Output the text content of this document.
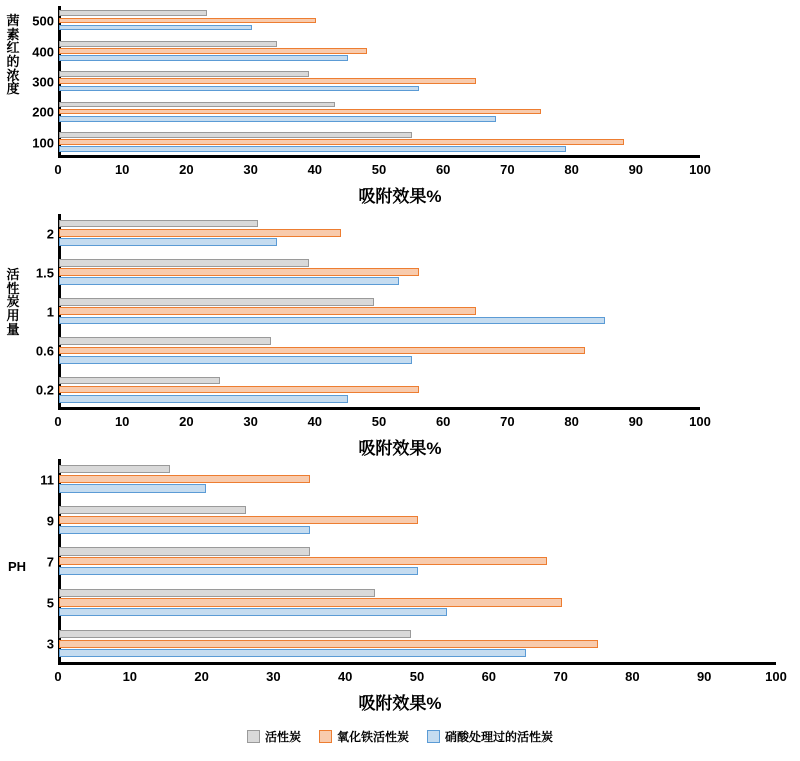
茜素红的浓度
500
400
300
200
100
0	10	20	30	40	50	60	70	80	90	100
吸附效果%
活性炭用量
2
1.5
1
0.6
0.2
0	10	20	30	40	50	60	70	80	90	100
吸附效果%
PH
11
9
7
5
3
0	10	20	30	40	50	60	70	80	90	100
吸附效果%
活性炭	氧化铁活性炭	硝酸处理过的活性炭
